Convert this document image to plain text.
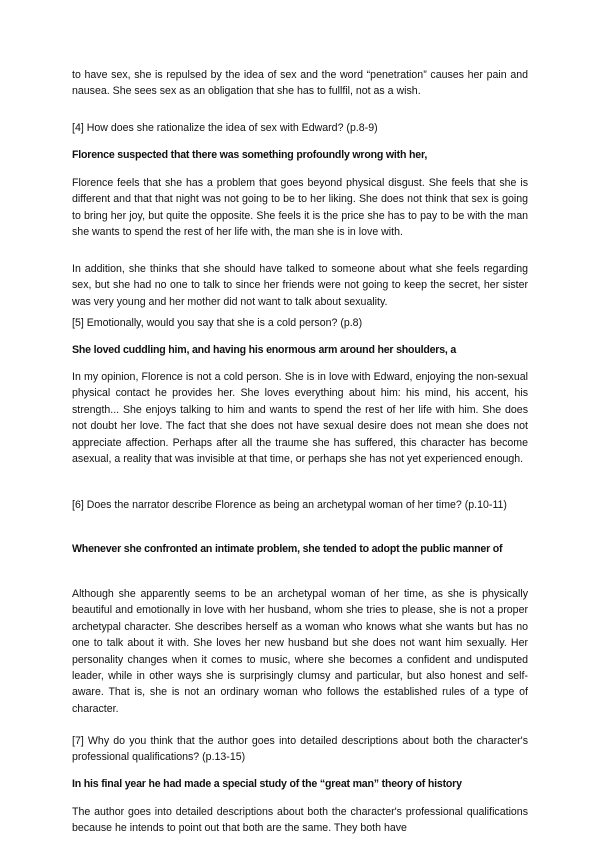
to have sex, she is repulsed by the idea of sex and the word “penetration” causes her pain and nausea. She sees sex as an obligation that she has to fullfil, not as a wish.

[4] How does she rationalize the idea of sex with Edward? (p.8-9)

Florence suspected that there was something profoundly wrong with her,

Florence feels that she has a problem that goes beyond physical disgust. She feels that she is different and that that night was not going to be to her liking. She does not think that sex is going to bring her joy, but quite the opposite. She feels it is the price she has to pay to be with the man she wants to spend the rest of her life with, the man she is in love with.

In addition, she thinks that she should have talked to someone about what she feels regarding sex, but she had no one to talk to since her friends were not going to keep the secret, her sister was very young and her mother did not want to talk about sexuality.

[5] Emotionally, would you say that she is a cold person? (p.8)

She loved cuddling him, and having his enormous arm around her shoulders, a

In my opinion, Florence is not a cold person. She is in love with Edward, enjoying the non-sexual physical contact he provides her. She loves everything about him: his mind, his accent, his strength... She enjoys talking to him and wants to spend the rest of her life with him. She does not doubt her love. The fact that she does not have sexual desire does not mean she does not appreciate affection. Perhaps after all the traume she has suffered, this character has become asexual, a reality that was invisible at that time, or perhaps she has not yet experienced enough.

[6] Does the narrator describe Florence as being an archetypal woman of her time? (p.10-11)

Whenever she confronted an intimate problem, she tended to adopt the public manner of

Although she apparently seems to be an archetypal woman of her time, as she is physically beautiful and emotionally in love with her husband, whom she tries to please, she is not a proper archetypal character. She describes herself as a woman who knows what she wants but has no one to talk about it with. She loves her new husband but she does not want him sexually. Her personality changes when it comes to music, where she becomes a confident and undisputed leader, while in other ways she is surprisingly clumsy and particular, but also honest and self-aware. That is, she is not an ordinary woman who follows the established rules of a type of character.

[7] Why do you think that the author goes into detailed descriptions about both the character's professional qualifications? (p.13-15)

In his final year he had made a special study of the “great man” theory of history

The author goes into detailed descriptions about both the character's professional qualifications because he intends to point out that both are the same. They both have
